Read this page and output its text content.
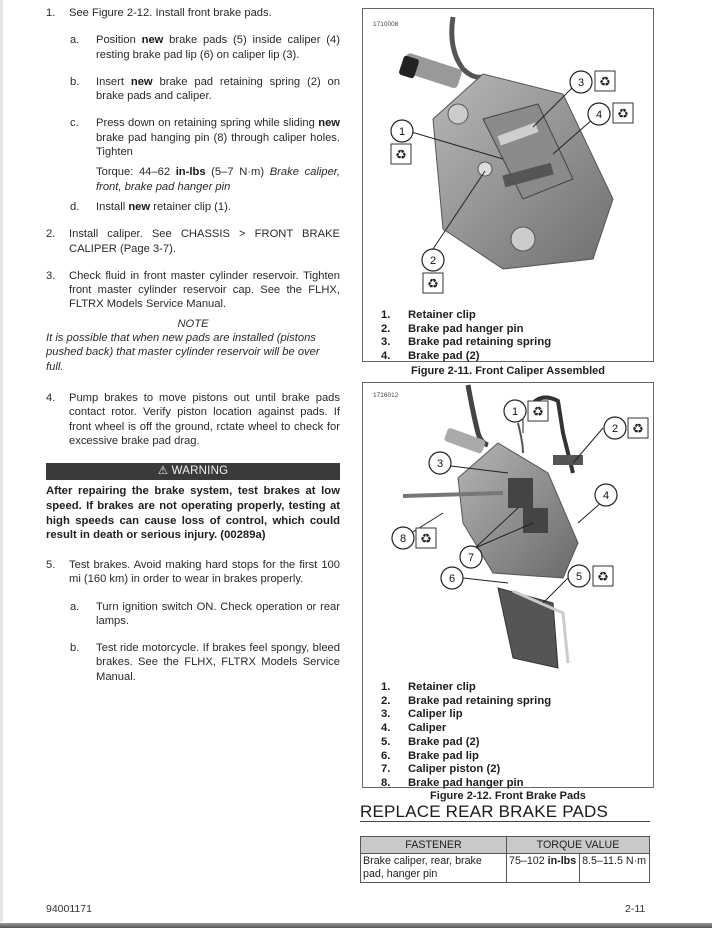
1. See Figure 2-12. Install front brake pads.
a. Position new brake pads (5) inside caliper (4) resting brake pad lip (6) on caliper lip (3).
b. Insert new brake pad retaining spring (2) on brake pads and caliper.
c. Press down on retaining spring while sliding new brake pad hanging pin (8) through caliper holes. Tighten
Torque: 44–62 in-lbs (5–7 N·m) Brake caliper, front, brake pad hanger pin
d. Install new retainer clip (1).
2. Install caliper. See CHASSIS > FRONT BRAKE CALIPER (Page 3-7).
3. Check fluid in front master cylinder reservoir. Tighten front master cylinder reservoir cap. See the FLHX, FLTRX Models Service Manual.
NOTE
It is possible that when new pads are installed (pistons pushed back) that master cylinder reservoir will be over full.
4. Pump brakes to move pistons out until brake pads contact rotor. Verify piston location against pads. If front wheel is off the ground, rctate wheel to check for excessive brake pad drag.
⚠ WARNING
After repairing the brake system, test brakes at low speed. If brakes are not operating properly, testing at high speeds can cause loss of control, which could result in death or serious injury. (00289a)
5. Test brakes. Avoid making hard stops for the first 100 mi (160 km) in order to wear in brakes properly.
a. Turn ignition switch ON. Check operation or rear lamps.
b. Test ride motorcycle. If brakes feel spongy, bleed brakes. See the FLHX, FLTRX Models Service Manual.
1710008
1
2
3
4
♻
♻
♻
♻
1.	Retainer clip
2.	Brake pad hanger pin
3.	Brake pad retaining spring
4.	Brake pad (2)
Figure 2-11. Front Caliper Assembled
1716012
1
2
3
4
5
6
7
8
♻
♻
♻
♻
1.	Retainer clip
2.	Brake pad retaining spring
3.	Caliper lip
4.	Caliper
5.	Brake pad (2)
6.	Brake pad lip
7.	Caliper piston (2)
8.	Brake pad hanger pin
Figure 2-12. Front Brake Pads
REPLACE REAR BRAKE PADS
FASTENER	TORQUE VALUE	
Brake caliper, rear, brake pad, hanger pin	75–102 in-lbs	8.5–11.5 N·m
94001171	2-11
